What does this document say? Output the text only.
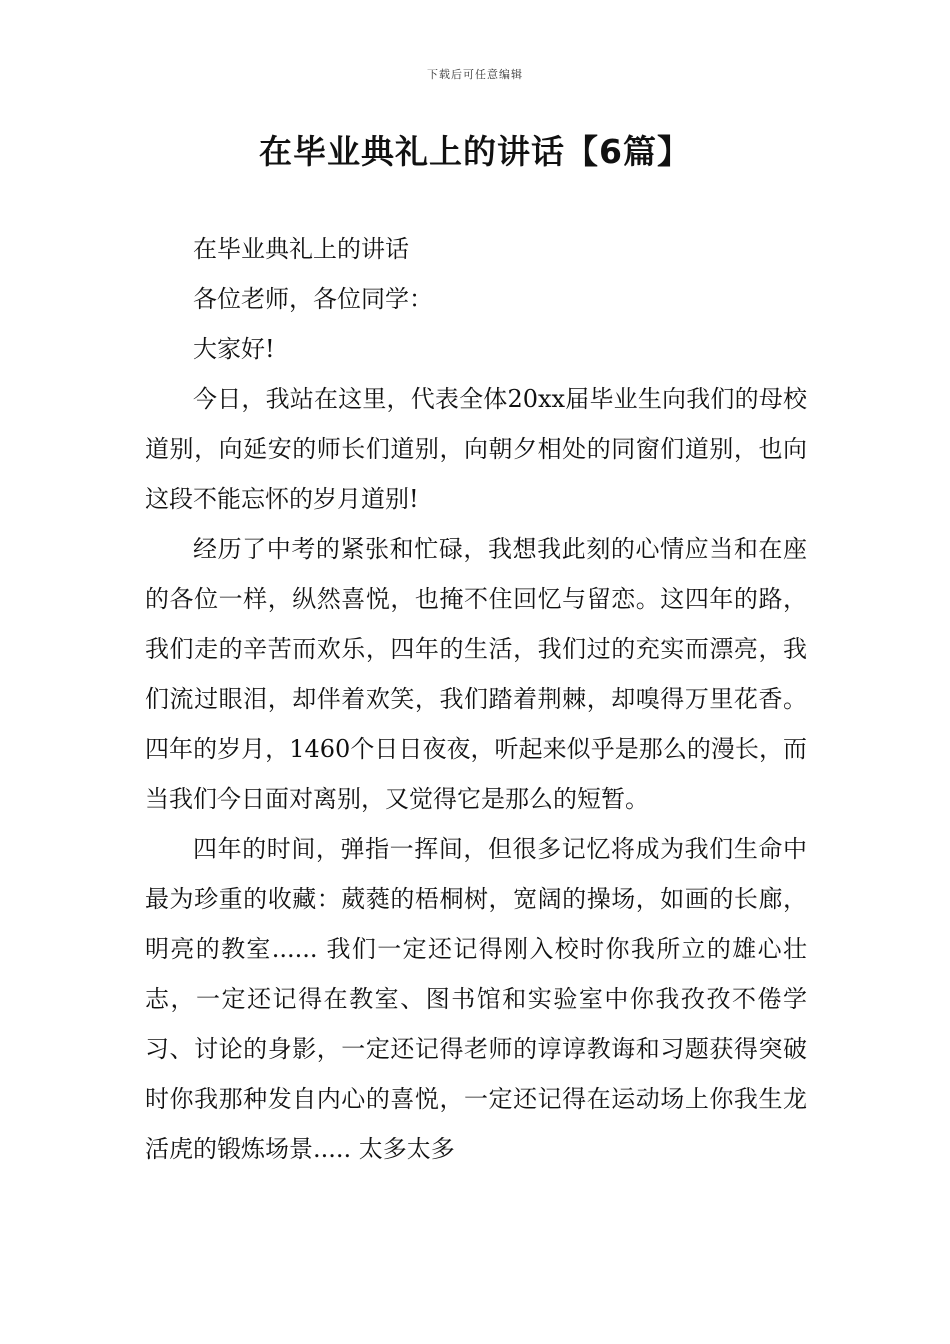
下载后可任意编辑
在毕业典礼上的讲话【6篇】

在毕业典礼上的讲话

各位老师，各位同学：

大家好!

今日，我站在这里，代表全体20xx届毕业生向我们的母校道别，向延安的师长们道别，向朝夕相处的同窗们道别，也向这段不能忘怀的岁月道别!

经历了中考的紧张和忙碌，我想我此刻的心情应当和在座的各位一样，纵然喜悦，也掩不住回忆与留恋。这四年的路，我们走的辛苦而欢乐，四年的生活，我们过的充实而漂亮，我们流过眼泪，却伴着欢笑，我们踏着荆棘，却嗅得万里花香。四年的岁月，1460个日日夜夜，听起来似乎是那么的漫长，而当我们今日面对离别，又觉得它是那么的短暂。

四年的时间，弹指一挥间，但很多记忆将成为我们生命中最为珍重的收藏：葳蕤的梧桐树，宽阔的操场，如画的长廊，明亮的教室...... 我们一定还记得刚入校时你我所立的雄心壮志，一定还记得在教室、图书馆和实验室中你我孜孜不倦学习、讨论的身影，一定还记得老师的谆谆教诲和习题获得突破时你我那种发自内心的喜悦，一定还记得在运动场上你我生龙活虎的锻炼场景..... 太多太多
